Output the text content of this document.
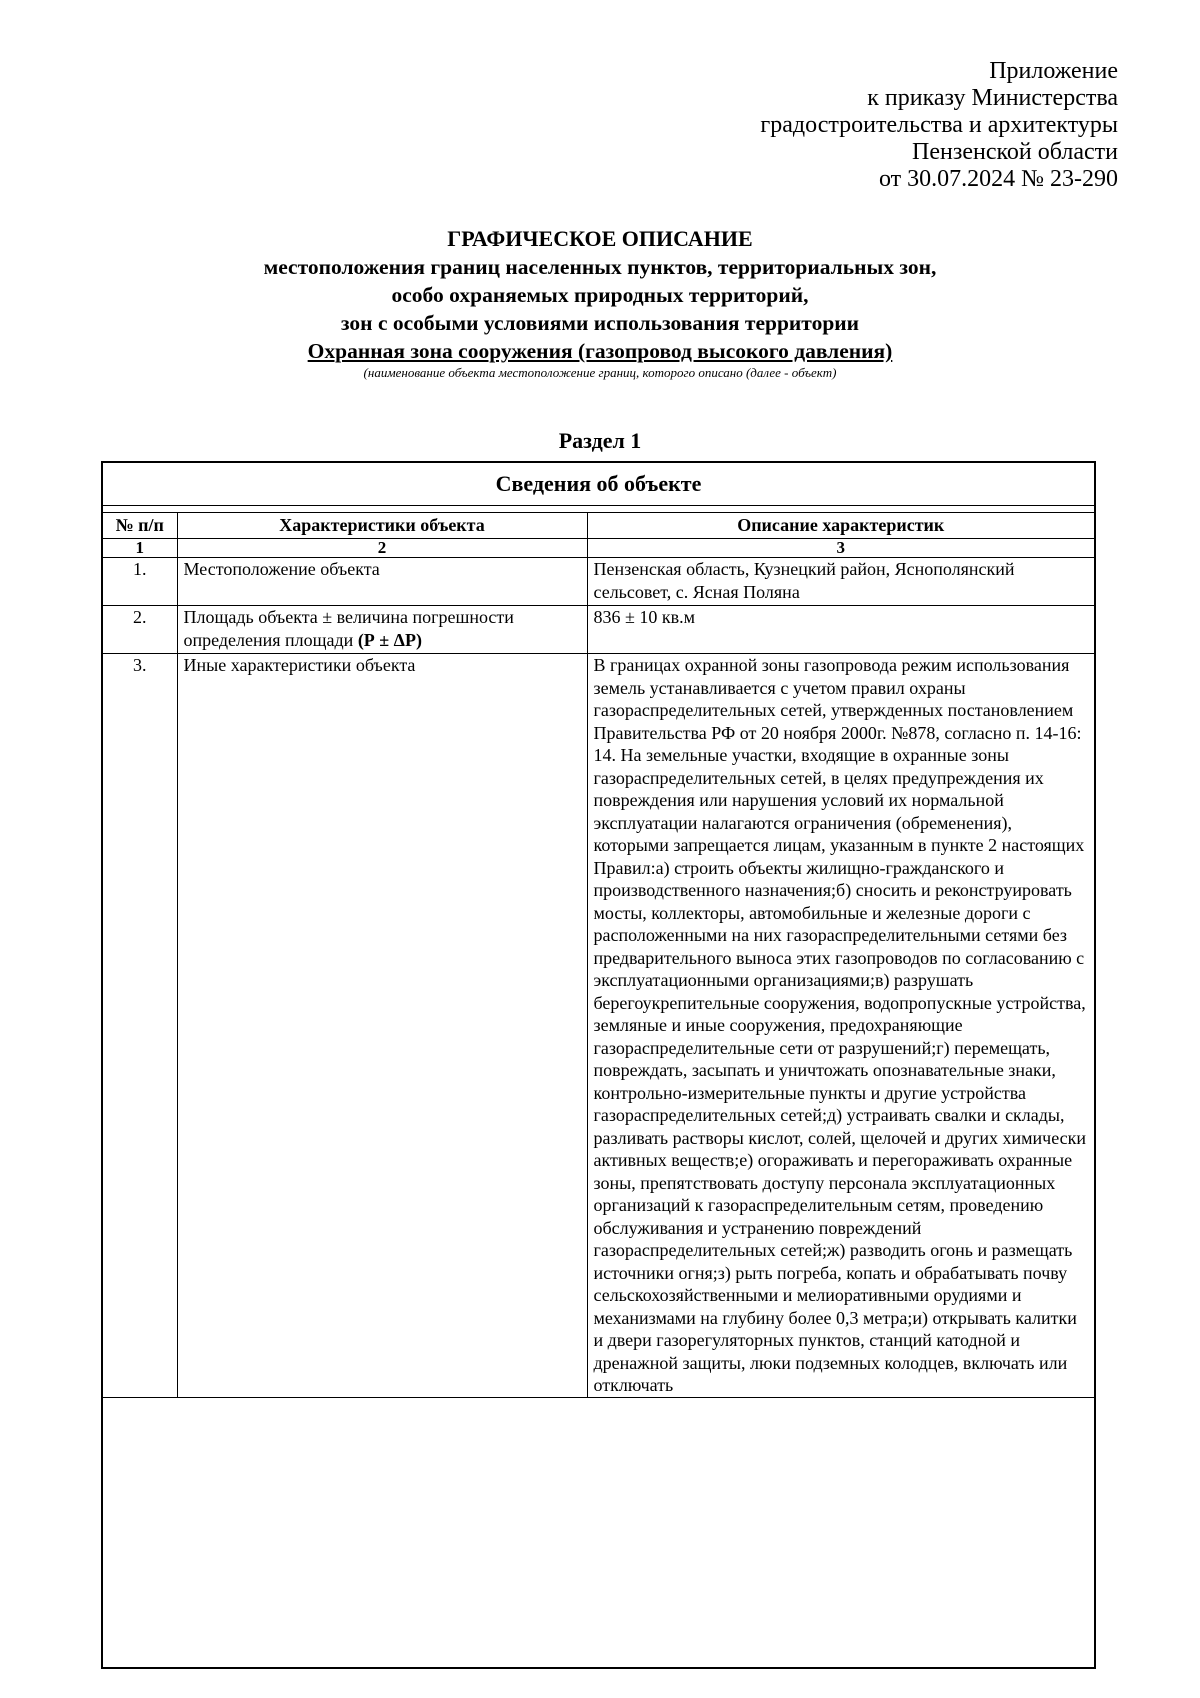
Приложение
к приказу Министерства
градостроительства и архитектуры
Пензенской области
от 30.07.2024 № 23-290
ГРАФИЧЕСКОЕ ОПИСАНИЕ
местоположения границ населенных пунктов, территориальных зон,
особо охраняемых природных территорий,
зон с особыми условиями использования территории
Охранная зона сооружения (газопровод высокого давления)
(наименование объекта местоположение границ, которого описано (далее - объект)
Раздел 1
Сведения об объекте
№ п/п	Характеристики объекта	Описание характеристик
1	2	3
1.	Местоположение объекта	Пензенская область, Кузнецкий район, Яснополянский сельсовет, с. Ясная Поляна
2.	Площадь объекта ± величина погрешности определения площади (Р ± ΔР)	836 ± 10 кв.м
3.	Иные характеристики объекта	В границах охранной зоны газопровода режим использования земель устанавливается с учетом правил охраны газораспределительных сетей, утвержденных постановлением Правительства РФ от 20 ноября 2000г. №878, согласно п. 14-16: 14. На земельные участки, входящие в охранные зоны газораспределительных сетей, в целях предупреждения их повреждения или нарушения условий их нормальной эксплуатации налагаются ограничения (обременения), которыми запрещается лицам, указанным в пункте 2 настоящих Правил:а) строить объекты жилищно-гражданского и производственного назначения;б) сносить и реконструировать мосты, коллекторы, автомобильные и железные дороги с расположенными на них газораспределительными сетями без предварительного выноса этих газопроводов по согласованию с эксплуатационными организациями;в) разрушать берегоукрепительные сооружения, водопропускные устройства, земляные и иные сооружения, предохраняющие газораспределительные сети от разрушений;г) перемещать, повреждать, засыпать и уничтожать опознавательные знаки, контрольно-измерительные пункты и другие устройства газораспределительных сетей;д) устраивать свалки и склады, разливать растворы кислот, солей, щелочей и других химически активных веществ;е) огораживать и перегораживать охранные зоны, препятствовать доступу персонала эксплуатационных организаций к газораспределительным сетям, проведению обслуживания и устранению повреждений газораспределительных сетей;ж) разводить огонь и размещать источники огня;з) рыть погреба, копать и обрабатывать почву сельскохозяйственными и мелиоративными орудиями и механизмами на глубину более 0,3 метра;и) открывать калитки и двери газорегуляторных пунктов, станций катодной и дренажной защиты, люки подземных колодцев, включать или отключать
